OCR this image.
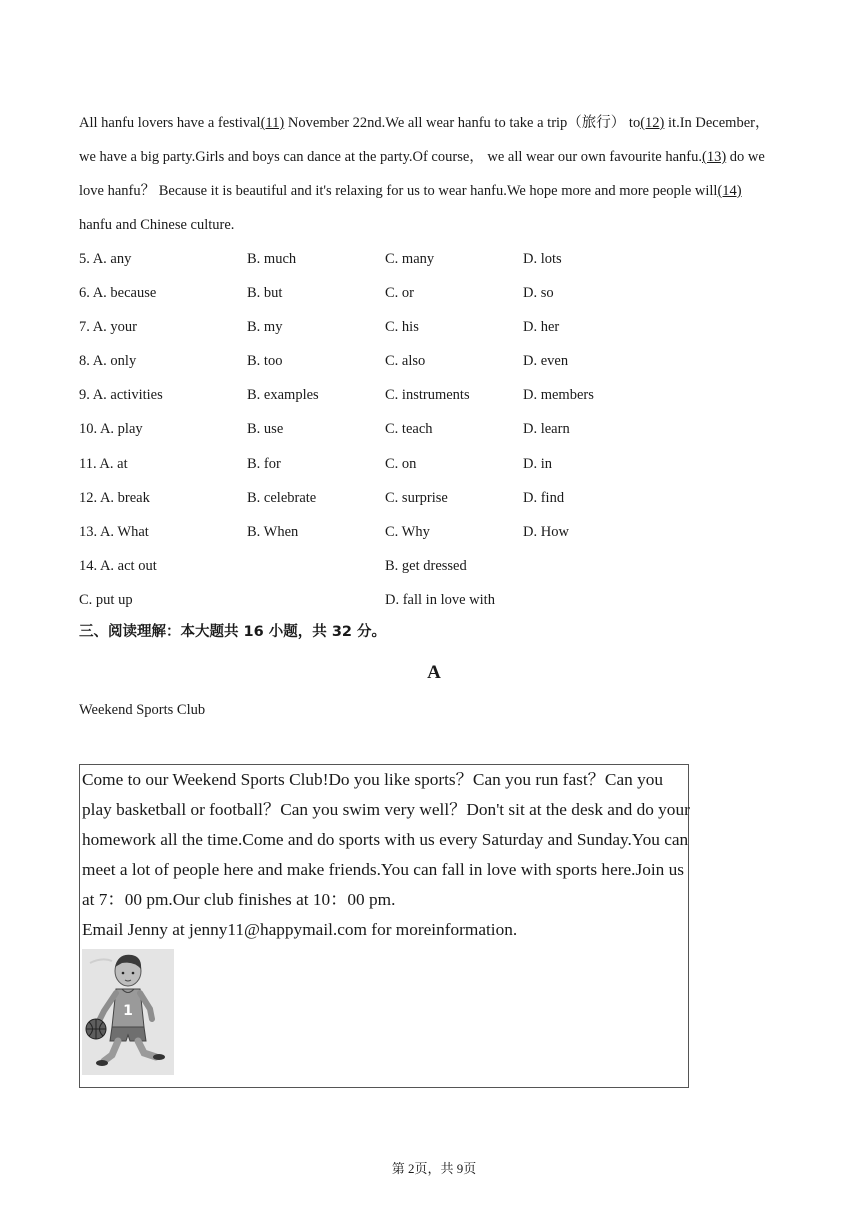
All hanfu lovers have a festival(11) November 22nd.We all wear hanfu to take a trip（旅行） to(12) it.In December，
we have a big party.Girls and boys can dance at the party.Of course， we all wear our own favourite hanfu.(13) do we
love hanfu？ Because it is beautiful and it's relaxing for us to wear hanfu.We hope more and more people will(14)
hanfu and Chinese culture.
5. A. any	B. much	C. many	D. lots
6. A. because	B. but	C. or	D. so
7. A. your	B. my	C. his	D. her
8. A. only	B. too	C. also	D. even
9. A. activities	B. examples	C. instruments	D. members
10. A. play	B. use	C. teach	D. learn
11. A. at	B. for	C. on	D. in
12. A. break	B. celebrate	C. surprise	D. find
13. A. What	B. When	C. Why	D. How
14. A. act out	B. get dressed
C. put up	D. fall in love with
三、阅读理解：本大题共 16 小题，共 32 分。
A
Weekend Sports Club
Come to our Weekend Sports Club!Do you like sports？Can you run fast？Can you
play basketball or football？Can you swim very well？Don't sit at the desk and do your
homework all the time.Come and do sports with us every Saturday and Sunday.You can
meet a lot of people here and make friends.You can fall in love with sports here.Join us
at 7：00 pm.Our club finishes at 10：00 pm.
Email Jenny at jenny11@happymail.com for moreinformation.
1
第 2页，共 9页
